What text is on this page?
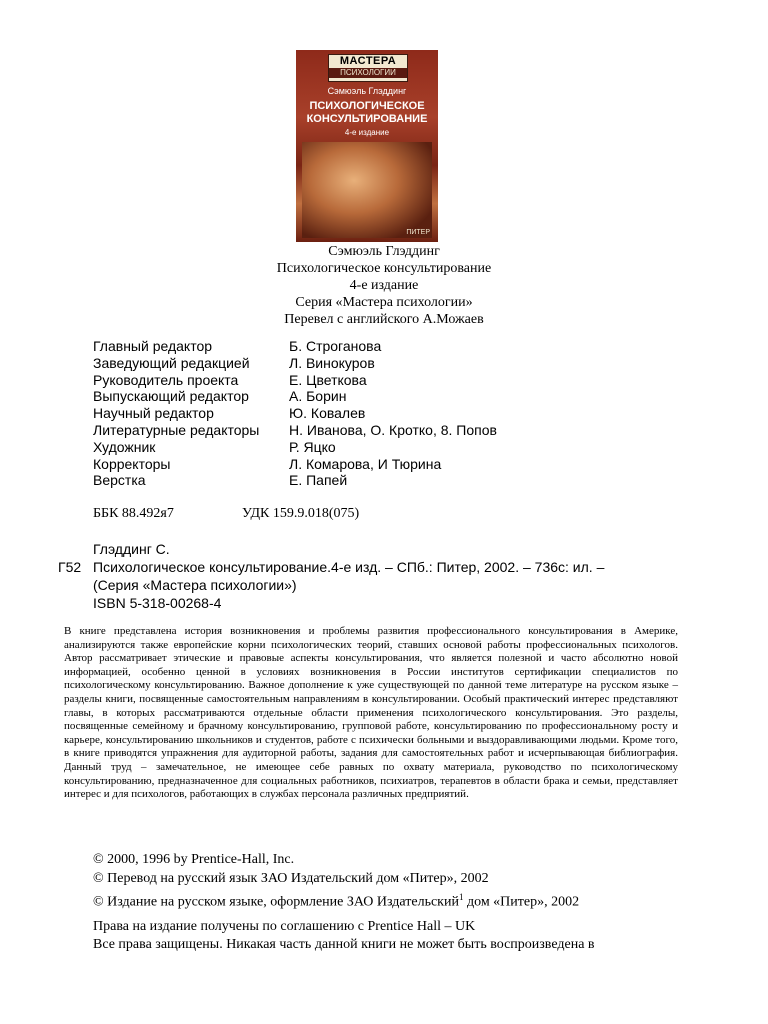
МАСТЕРА
ПСИХОЛОГИИ
Сэмюэль Глэддинг
ПСИХОЛОГИЧЕСКОЕ
КОНСУЛЬТИРОВАНИЕ
4-е издание
ПИТЕР
Сэмюэль Глэддинг
Психологическое консультирование
4-е издание
Серия «Мастера психологии»
Перевел с английского А.Можаев
Главный редактор	Б. Строганова
Заведующий редакцией	Л. Винокуров
Руководитель проекта	Е. Цветкова
Выпускающий редактор	А. Борин
Научный редактор	Ю. Ковалев
Литературные редакторы	Н. Иванова, О. Кротко, 8. Попов
Художник	Р. Яцко
Корректоры	Л. Комарова, И Тюрина
Верстка	Е. Папей
ББК 88.492я7	УДК 159.9.018(075)
Глэддинг С.
Г52 Психологическое консультирование.4-е изд. – СПб.: Питер, 2002. – 736с: ил. –
(Серия «Мастера психологии»)
ISBN 5-318-00268-4
В книге представлена история возникновения и проблемы развития профессионального консультирования в Америке, анализируются также европейские корни психологических теорий, ставших основой работы профессиональных психологов. Автор рассматривает этические и правовые аспекты консультирования, что является полезной и часто абсолютно новой информацией, особенно ценной в условиях возникновения в России институтов сертификации специалистов по психологическому консультированию. Важное дополнение к уже существующей по данной теме литературе на русском языке – разделы книги, посвященные самостоятельным направлениям в консультировании. Особый практический интерес представляют главы, в которых рассматриваются отдельные области применения психологического консультирования. Это разделы, посвященные семейному и брачному консультированию, групповой работе, консультированию по профессиональному росту и карьере, консультированию школьников и студентов, работе с психически больными и выздоравливающими людьми. Кроме того, в книге приводятся упражнения для аудиторной работы, задания для самостоятельных работ и исчерпывающая библиография. Данный труд – замечательное, не имеющее себе равных по охвату материала, руководство по психологическому консультированию, предназначенное для социальных работников, психиатров, терапевтов в области брака и семьи, представляет интерес и для психологов, работающих в службах персонала различных предприятий.
© 2000, 1996 by Prentice-Hall, Inc.
© Перевод на русский язык ЗАО Издательский дом «Питер», 2002
© Издание на русском языке, оформление ЗАО Издательский$^1$ дом «Питер», 2002
Права на издание получены по соглашению с Prentice Hall – UK
Все права защищены. Никакая часть данной книги не может быть воспроизведена в
